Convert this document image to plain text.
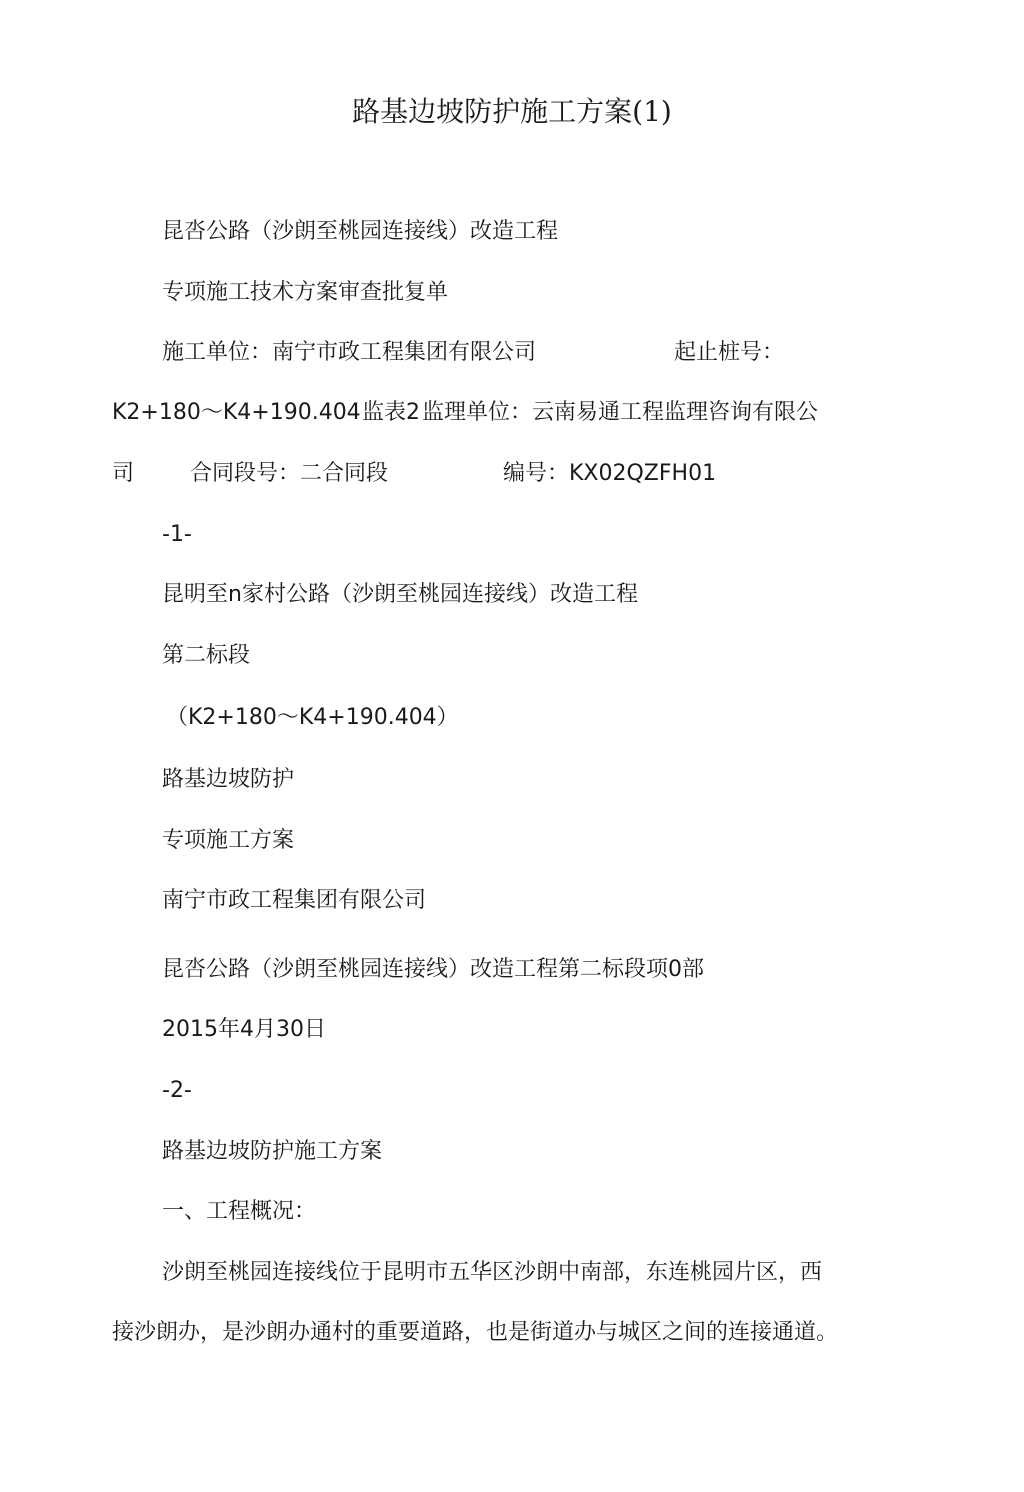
路基边坡防护施工方案(1)
昆呇公路（沙朗至桃园连接线）改造工程
专项施工技术方案审查批复单
施工单位：南宁市政工程集团有限公司	起止桩号：
K2+180～K4+190.404 监表2 监理单位：云南易通工程监理咨询有限公
司	合同段号：二合同段	编号：KX02QZFH01
-1-
昆明至n家村公路（沙朗至桃园连接线）改造工程
第二标段
（K2+180～K4+190.404）
路基边坡防护
专项施工方案
南宁市政工程集团有限公司
昆呇公路（沙朗至桃园连接线）改造工程第二标段项0部
2015年4月30日
-2-
路基边坡防护施工方案
一、工程概况：
沙朗至桃园连接线位于昆明市五华区沙朗中南部，东连桃园片区，西
接沙朗办，是沙朗办通村的重要道路，也是街道办与城区之间的连接通道。
